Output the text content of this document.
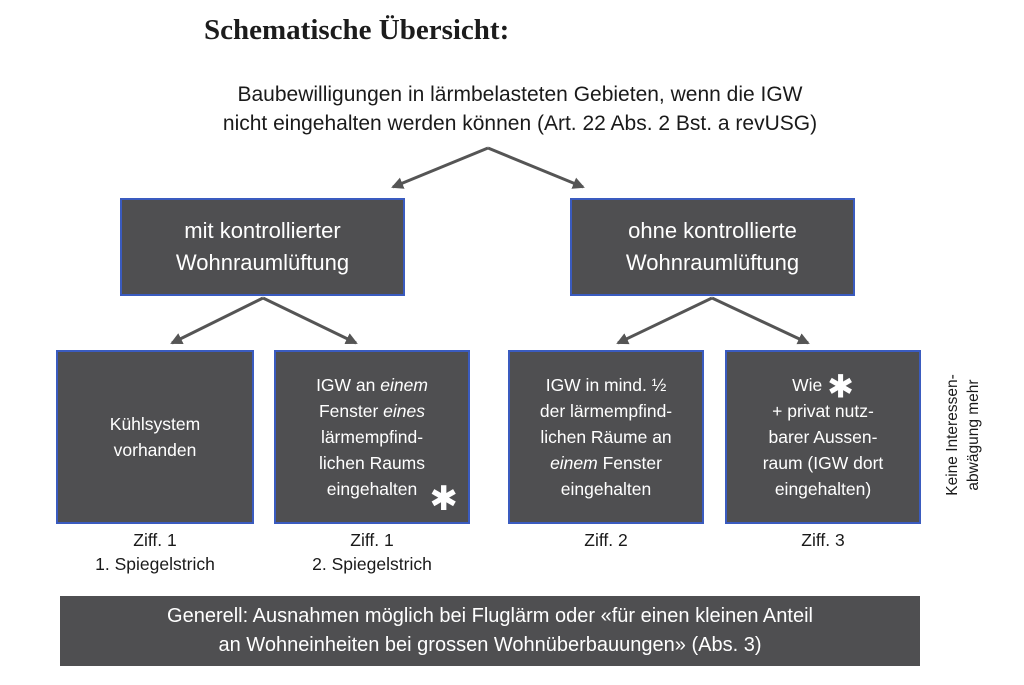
Schematische Übersicht:
Baubewilligungen in lärmbelasteten Gebieten, wenn die IGW
nicht eingehalten werden können (Art. 22 Abs. 2 Bst. a revUSG)
mit kontrollierter
Wohnraumlüftung
ohne kontrollierte
Wohnraumlüftung
Kühlsystem
vorhanden
IGW an einem
Fenster eines
lärmempfind-
lichen Raums
eingehalten ✱
IGW in mind. ½
der lärmempfind-
lichen Räume an
einem Fenster
eingehalten
Wie ✱
+ privat nutz-
barer Aussen-
raum (IGW dort
eingehalten)
Ziff. 1
1. Spiegelstrich
Ziff. 1
2. Spiegelstrich
Ziff. 2	Ziff. 3
Keine Interessen- abwägung mehr
Generell: Ausnahmen möglich bei Fluglärm oder «für einen kleinen Anteil
an Wohneinheiten bei grossen Wohnüberbauungen» (Abs. 3)
